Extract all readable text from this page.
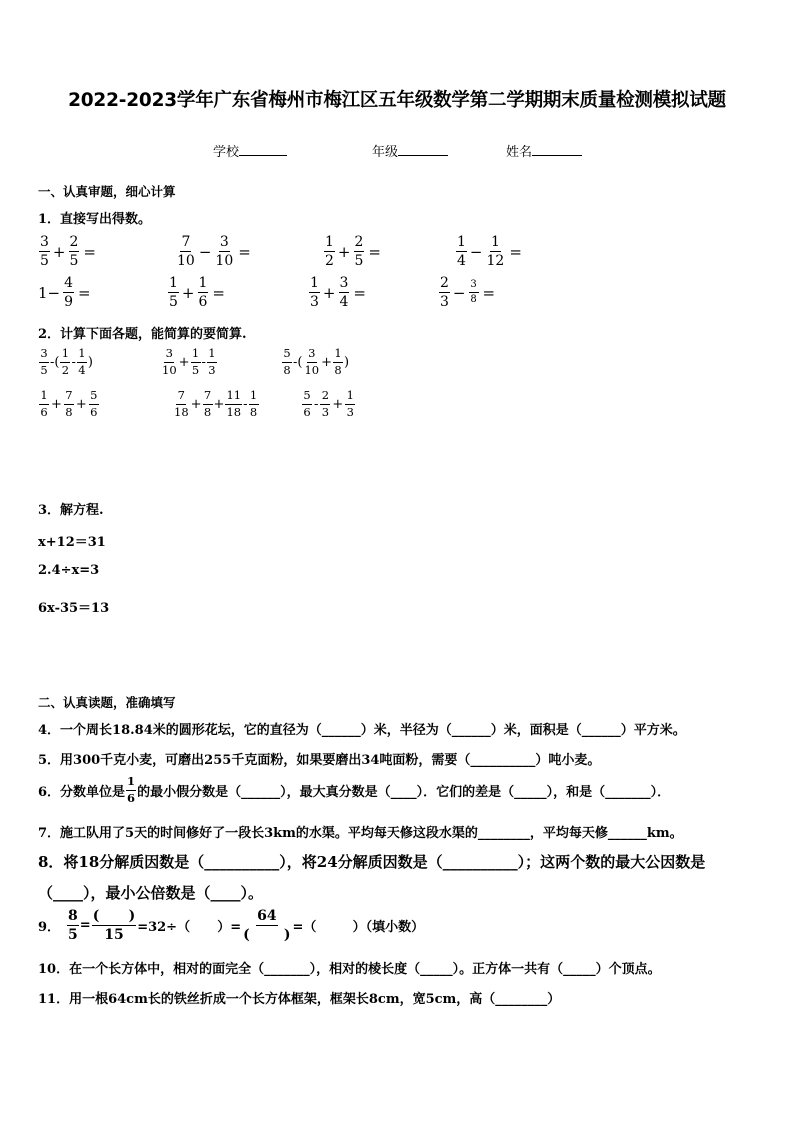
2022-2023学年广东省梅州市梅江区五年级数学第二学期期末质量检测模拟试题
学校	年级	姓名
一、认真审题，细心计算
1．直接写出得数。
$\frac{3}{5} + \frac{2}{5}$ =	$\frac{7}{10} - \frac{3}{10}$ =	$\frac{1}{2} + \frac{2}{5}$ =	$\frac{1}{4} - \frac{1}{12}$ =
$1- \frac{4}{9}$ =	$\frac{1}{5} + \frac{1}{6}$ =	$\frac{1}{3} + \frac{3}{4}$ =	$\frac{2}{3} - \frac{3}{8}$ =
2．计算下面各题，能简算的要简算.
$\frac{3}{5}$ -( $\frac{1}{2} - \frac{1}{4}$ )	$\frac{3}{10} + \frac{1}{5} - \frac{1}{3}$	$\frac{5}{8}$ -( $\frac{3}{10} + \frac{1}{8}$ )
$\frac{1}{6} + \frac{7}{8} + \frac{5}{6}$	$\frac{7}{18} + \frac{7}{8} + \frac{11}{18} - \frac{1}{8}$	$\frac{5}{6} - \frac{2}{3} + \frac{1}{3}$
3．解方程.
x+12＝31
2.4÷x=3
6x-35＝13
二、认真读题，准确填写
4．一个周长18.84米的圆形花坛，它的直径为（______）米，半径为（______）米，面积是（______）平方米。
5．用300千克小麦，可磨出255千克面粉，如果要磨出34吨面粉，需要（__________）吨小麦。
6．分数单位是 $\frac{1}{6}$ 的最小假分数是（______），最大真分数是（____）．它们的差是（_____），和是（_______）．
7．施工队用了5天的时间修好了一段长3km的水渠。平均每天修这段水渠的________，平均每天修______km。
8．将18分解质因数是（__________），将24分解质因数是（__________）；这两个数的最大公因数是
（____），最小公倍数是（____）。
9． $\frac{8}{5} = \frac{( )}{15} =32\div$（      ）= $\frac{64}{( )}$ =（        ）（填小数）
10．在一个长方体中，相对的面完全（_______），相对的棱长度（_____）。正方体一共有（_____）个顶点。
11．用一根64cm长的铁丝折成一个长方体框架，框架长8cm，宽5cm，高（________）
